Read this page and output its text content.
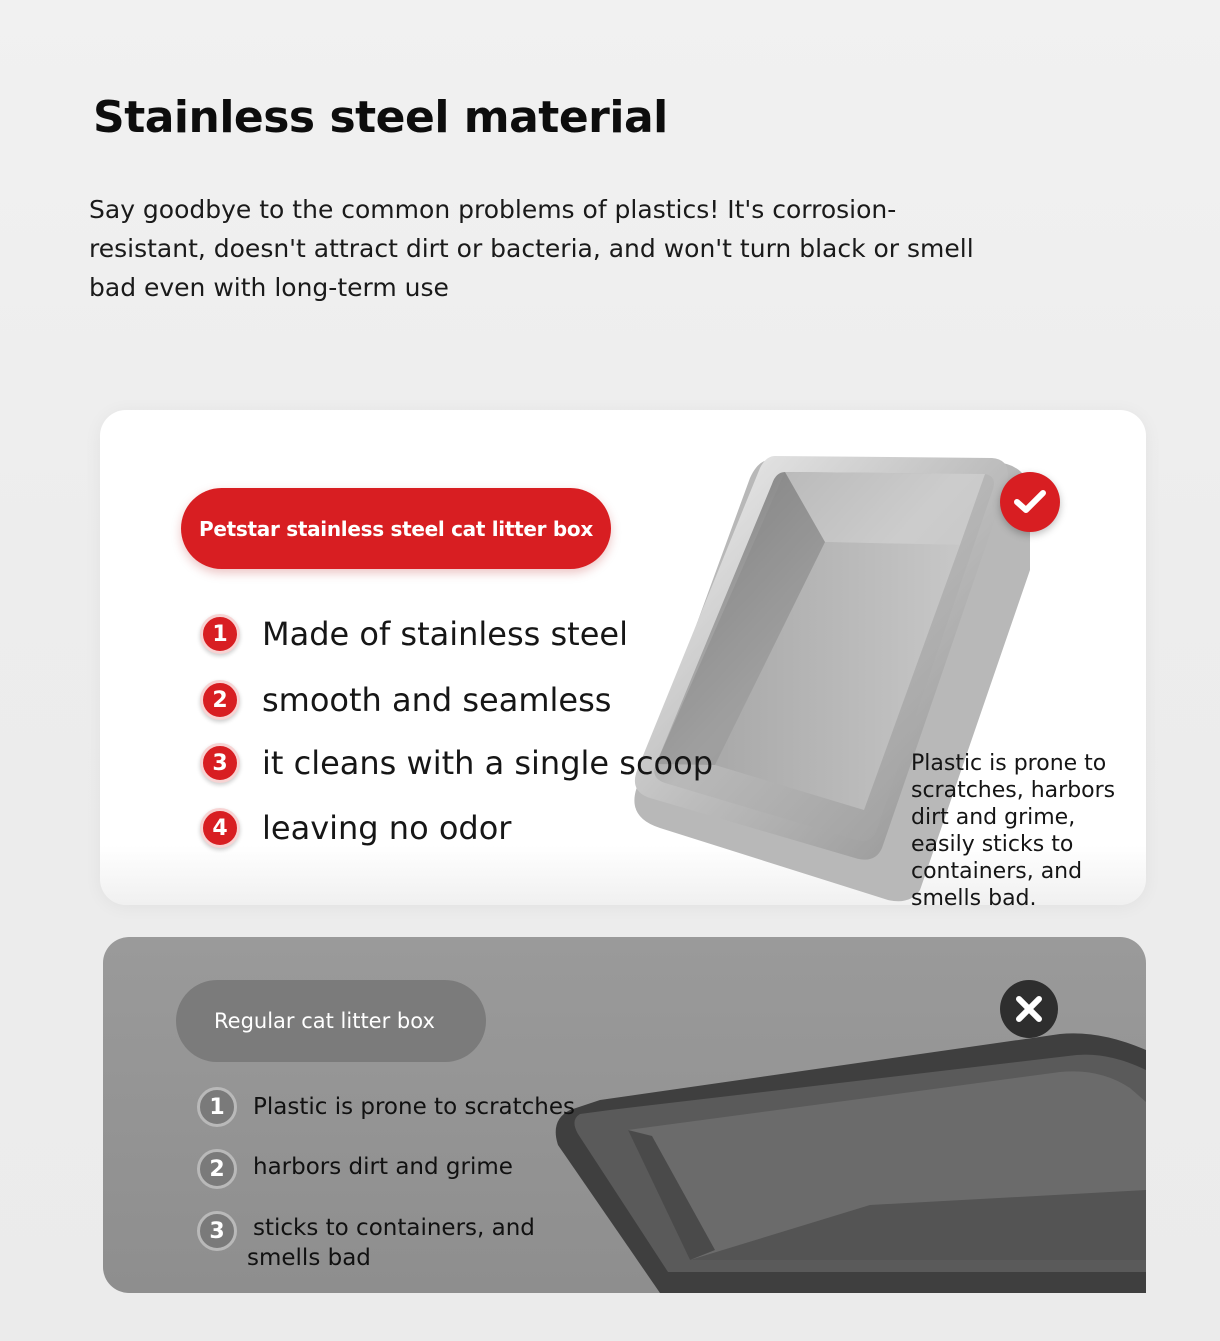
Stainless steel material

Say goodbye to the common problems of plastics! It's corrosion-resistant, doesn't attract dirt or bacteria, and won't turn black or smell bad even with long-term use

Petstar stainless steel cat litter box
1	Made of stainless steel
2	smooth and seamless
3	it cleans with a single scoop
4	leaving no odor

Plastic is prone to scratches, harbors dirt and grime, easily sticks to containers, and smells bad.

Regular cat litter box
1	Plastic is prone to scratches
2	harbors dirt and grime
3	sticks to containers, and
smells bad
